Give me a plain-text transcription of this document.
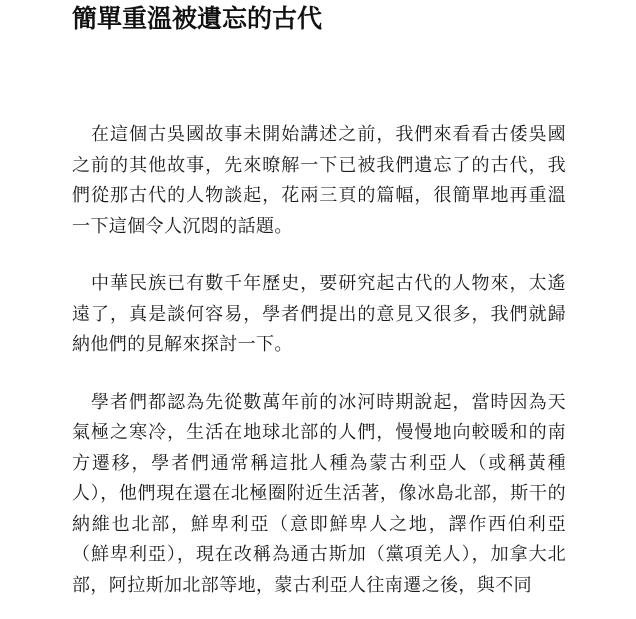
簡單重溫被遺忘的古代

在這個古吳國故事未開始講述之前，我們來看看古倭吳國之前的其他故事，先來暸解一下已被我們遺忘了的古代，我們從那古代的人物談起，花兩三頁的篇幅，很簡單地再重溫一下這個令人沉悶的話題。

中華民族已有數千年歷史，要研究起古代的人物來，太遙遠了，真是談何容易，學者們提出的意見又很多，我們就歸納他們的見解來探討一下。

學者們都認為先從數萬年前的冰河時期說起，當時因為天氣極之寒冷，生活在地球北部的人們，慢慢地向較暖和的南方遷移，學者們通常稱這批人種為蒙古利亞人（或稱黃種人），他們現在還在北極圈附近生活著，像冰島北部，斯干的納維也北部，鮮卑利亞（意即鮮卑人之地，譯作西伯利亞（鮮卑利亞），現在改稱為通古斯加（黨項羌人），加拿大北部，阿拉斯加北部等地，蒙古利亞人往南遷之後，與不同
